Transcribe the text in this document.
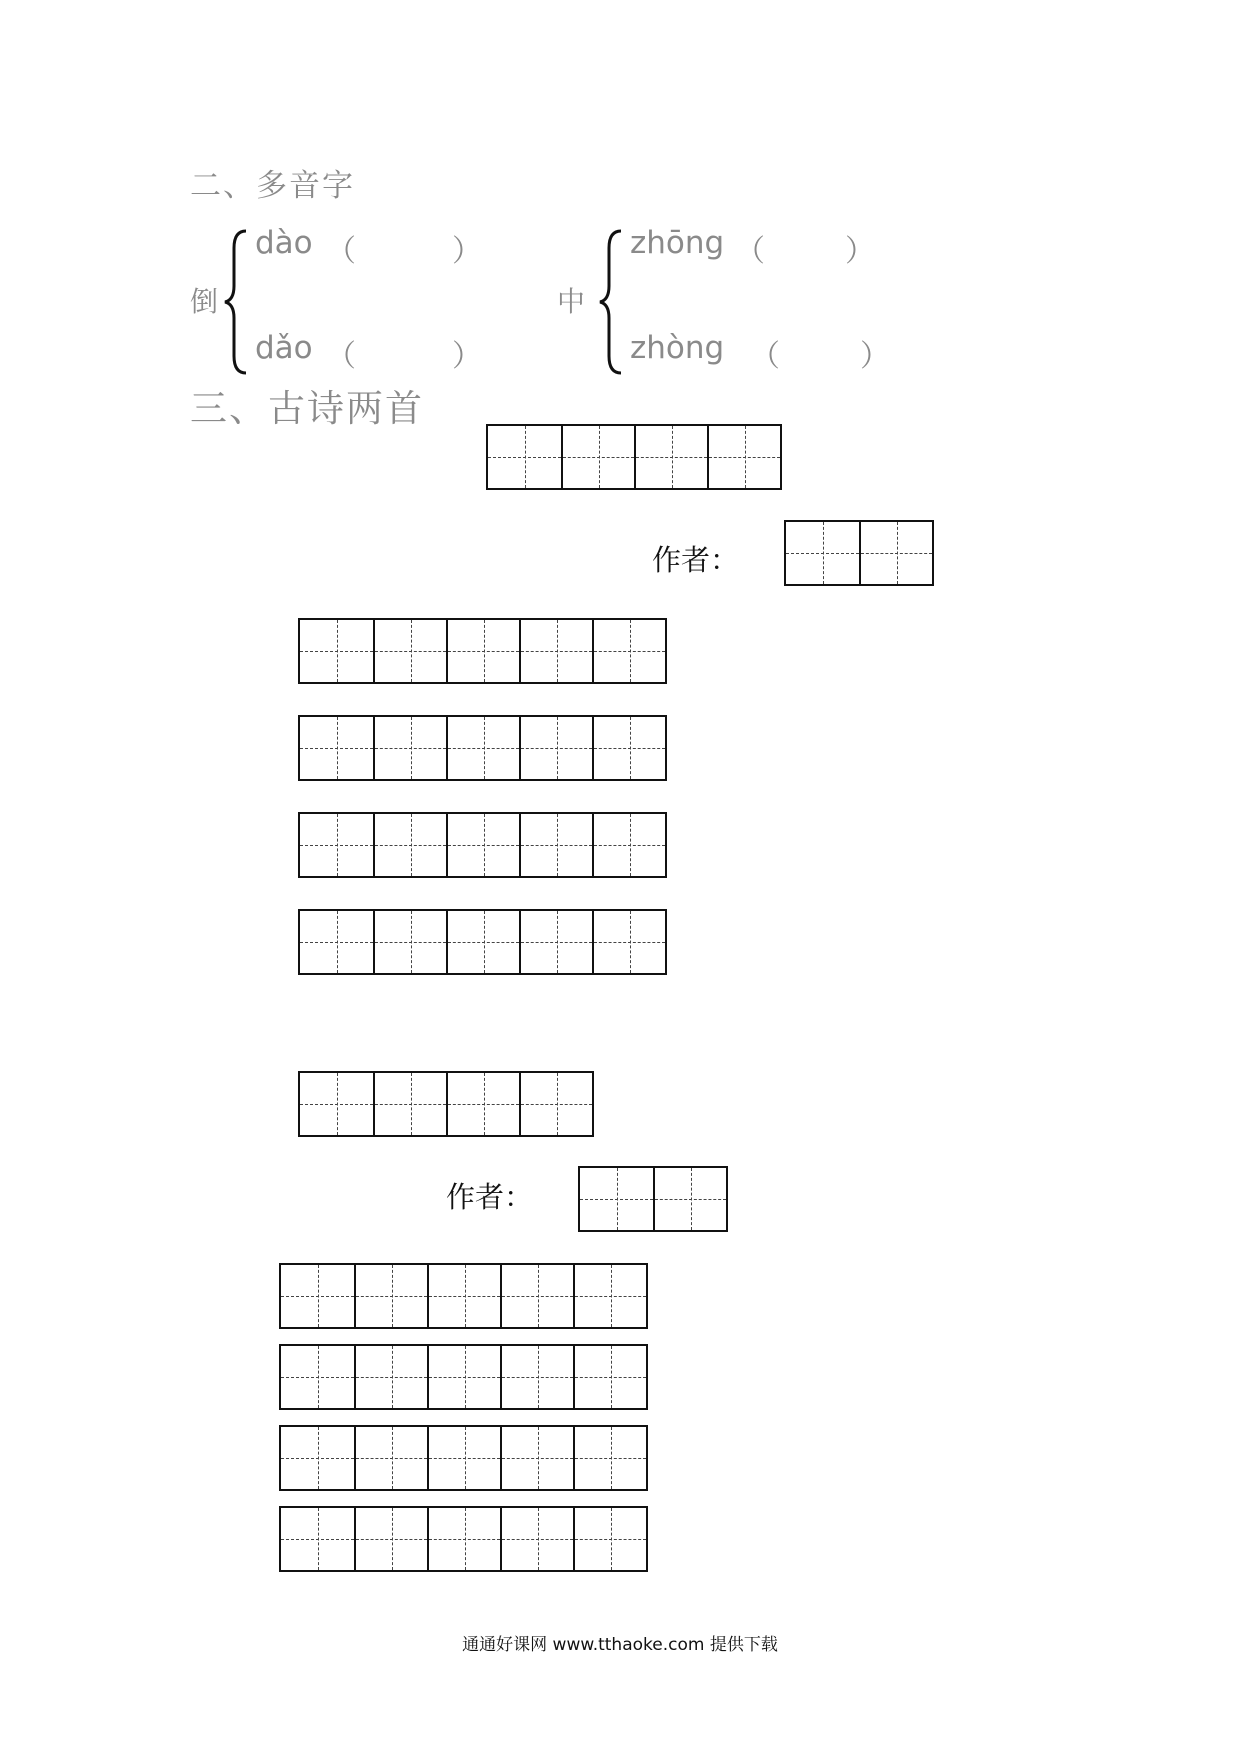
二、多音字
倒
dào （	）
dǎo （	）
中
zhōng （	）
zhòng （	）
三、古诗两首
作者：
作者：
通通好课网 www.tthaoke.com 提供下载
